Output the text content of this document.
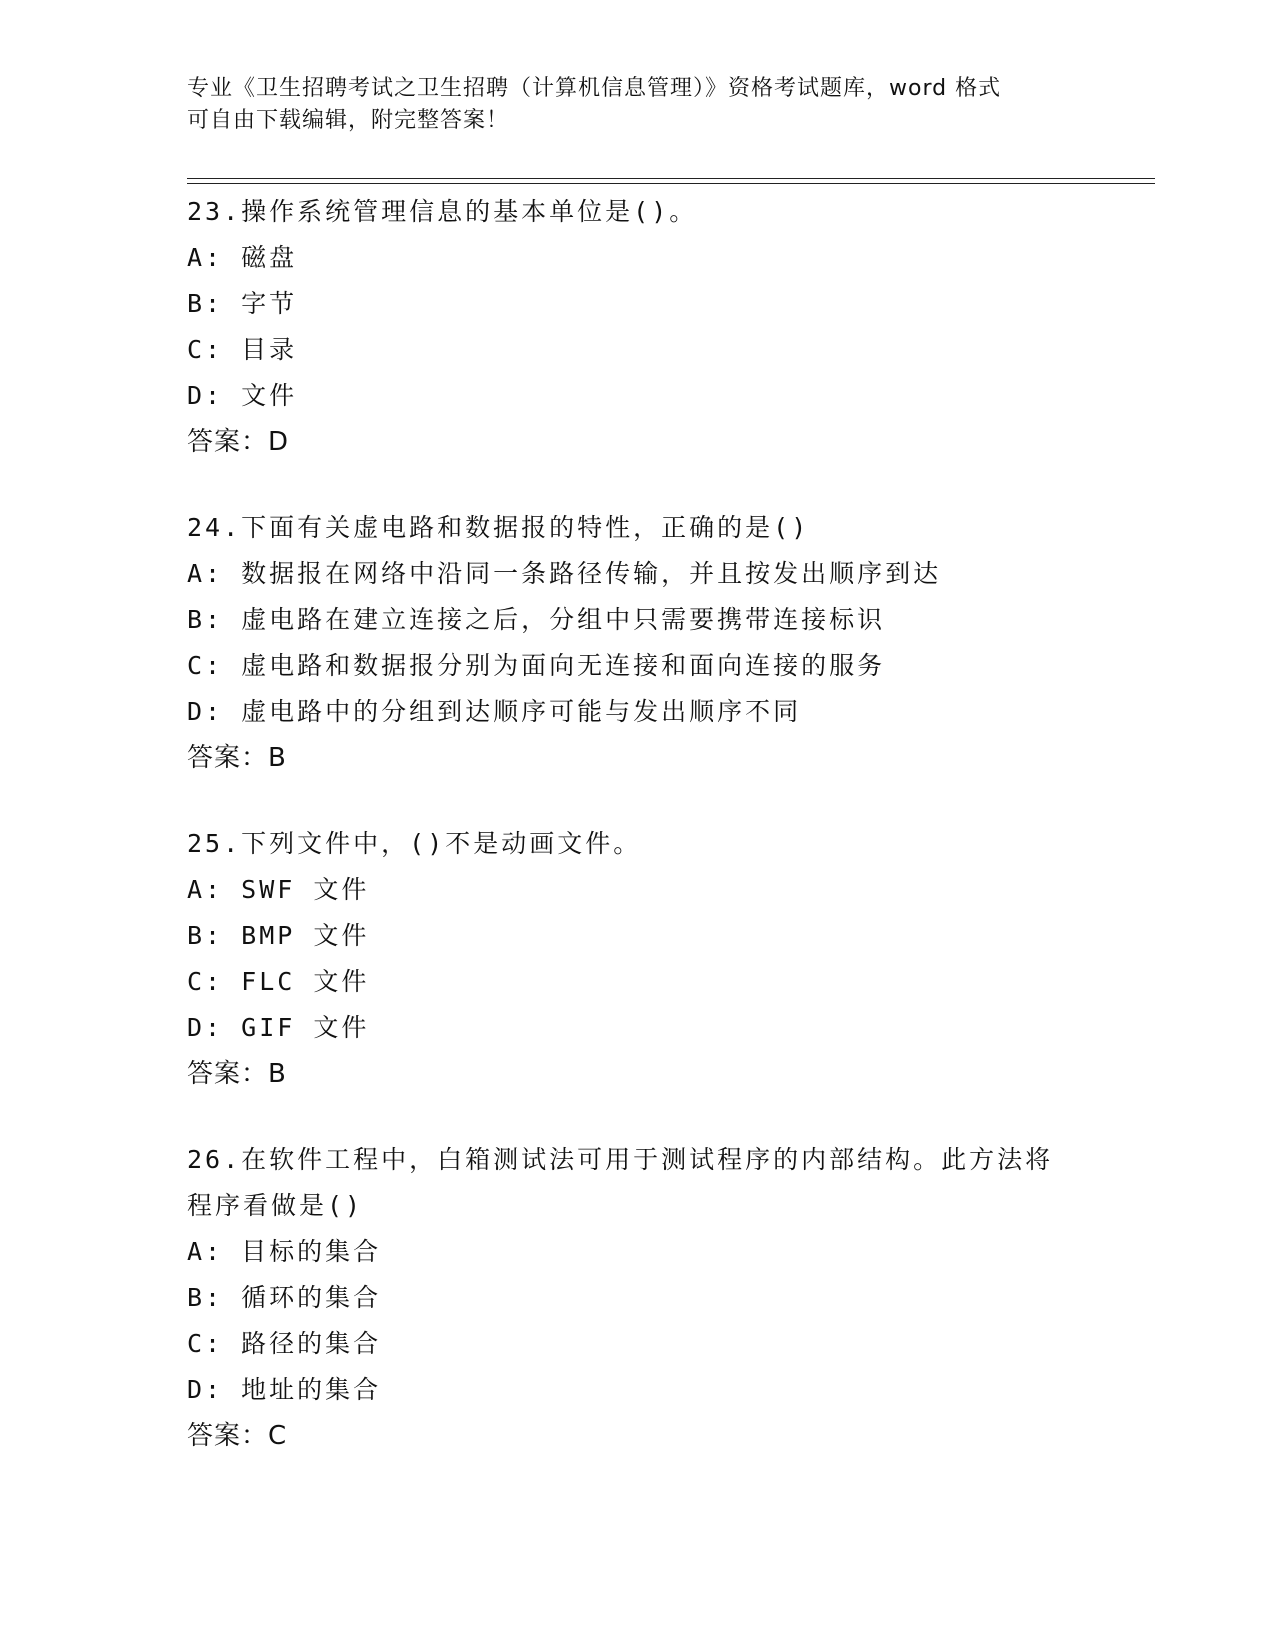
专业《卫生招聘考试之卫生招聘（计算机信息管理）》资格考试题库，word 格式
可自由下载编辑，附完整答案！
23.操作系统管理信息的基本单位是()。
A: 磁盘
B: 字节
C: 目录
D: 文件
答案：D
24.下面有关虚电路和数据报的特性，正确的是()
A: 数据报在网络中沿同一条路径传输，并且按发出顺序到达
B: 虚电路在建立连接之后，分组中只需要携带连接标识
C: 虚电路和数据报分别为面向无连接和面向连接的服务
D: 虚电路中的分组到达顺序可能与发出顺序不同
答案：B
25.下列文件中，()不是动画文件。
A: SWF 文件
B: BMP 文件
C: FLC 文件
D: GIF 文件
答案：B
26.在软件工程中，白箱测试法可用于测试程序的内部结构。此方法将
程序看做是()
A: 目标的集合
B: 循环的集合
C: 路径的集合
D: 地址的集合
答案：C
